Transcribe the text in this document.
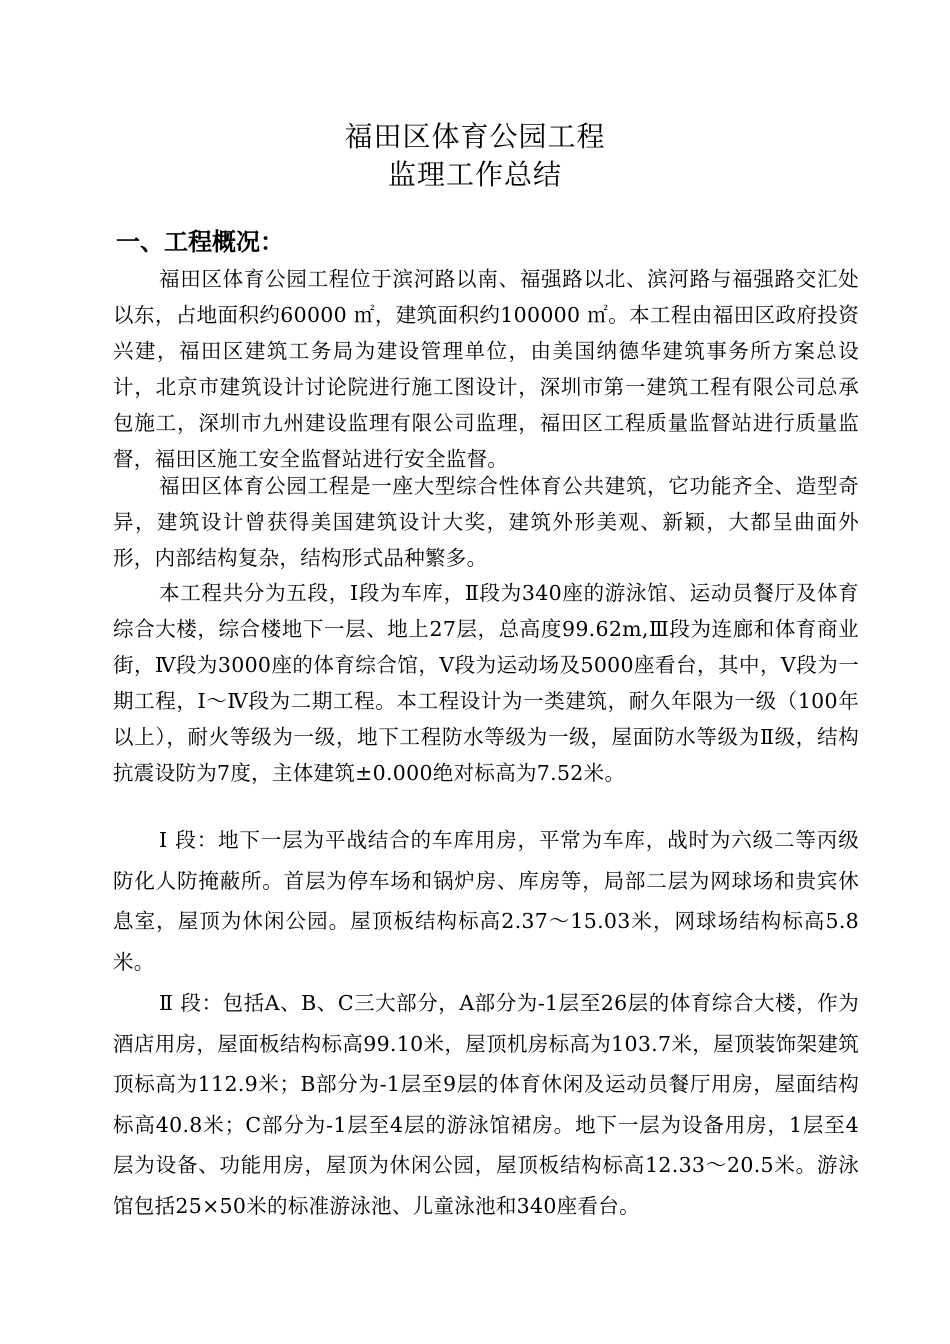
福田区体育公园工程
监理工作总结
一、工程概况：

福田区体育公园工程位于滨河路以南、福强路以北、滨河路与福强路交汇处以东，占地面积约60000 ㎡，建筑面积约100000 ㎡。本工程由福田区政府投资兴建，福田区建筑工务局为建设管理单位，由美国纳德华建筑事务所方案总设计，北京市建筑设计讨论院进行施工图设计，深圳市第一建筑工程有限公司总承包施工，深圳市九州建设监理有限公司监理，福田区工程质量监督站进行质量监督，福田区施工安全监督站进行安全监督。

福田区体育公园工程是一座大型综合性体育公共建筑，它功能齐全、造型奇异，建筑设计曾获得美国建筑设计大奖，建筑外形美观、新颖，大都呈曲面外形，内部结构复杂，结构形式品种繁多。

本工程共分为五段，Ⅰ段为车库，Ⅱ段为340座的游泳馆、运动员餐厅及体育综合大楼，综合楼地下一层、地上27层，总高度99.62m,Ⅲ段为连廊和体育商业街，Ⅳ段为3000座的体育综合馆，Ⅴ段为运动场及5000座看台，其中，Ⅴ段为一期工程，Ⅰ～Ⅳ段为二期工程。本工程设计为一类建筑，耐久年限为一级（100年以上），耐火等级为一级，地下工程防水等级为一级，屋面防水等级为Ⅱ级，结构抗震设防为7度，主体建筑±0.000绝对标高为7.52米。

Ⅰ 段：地下一层为平战结合的车库用房，平常为车库，战时为六级二等丙级防化人防掩蔽所。首层为停车场和锅炉房、库房等，局部二层为网球场和贵宾休息室，屋顶为休闲公园。屋顶板结构标高2.37～15.03米，网球场结构标高5.8米。

Ⅱ 段：包括A、B、C三大部分，A部分为-1层至26层的体育综合大楼，作为酒店用房，屋面板结构标高99.10米，屋顶机房标高为103.7米，屋顶装饰架建筑顶标高为112.9米；B部分为-1层至9层的体育休闲及运动员餐厅用房，屋面结构标高40.8米；C部分为-1层至4层的游泳馆裙房。地下一层为设备用房，1层至4层为设备、功能用房，屋顶为休闲公园，屋顶板结构标高12.33～20.5米。游泳馆包括25×50米的标准游泳池、儿童泳池和340座看台。
